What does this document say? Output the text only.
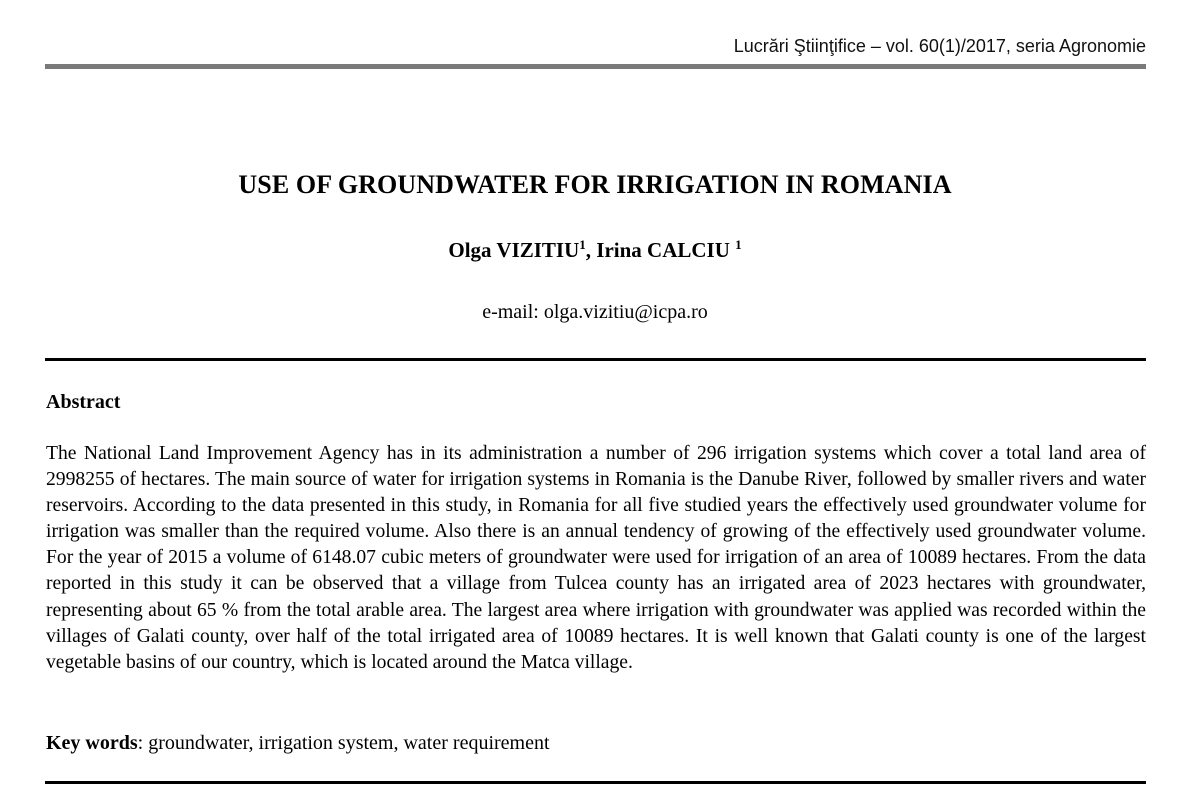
Lucrări Ştiinţifice – vol. 60(1)/2017, seria Agronomie
USE OF GROUNDWATER FOR IRRIGATION IN ROMANIA
Olga VIZITIU$^1$, Irina CALCIU $^1$
e-mail: olga.vizitiu@icpa.ro
Abstract

The National Land Improvement Agency has in its administration a number of 296 irrigation systems which cover a total land area of 2998255 of hectares. The main source of water for irrigation systems in Romania is the Danube River, followed by smaller rivers and water reservoirs. According to the data presented in this study, in Romania for all five studied years the effectively used groundwater volume for irrigation was smaller than the required volume. Also there is an annual tendency of growing of the effectively used groundwater volume. For the year of 2015 a volume of 6148.07 cubic meters of groundwater were used for irrigation of an area of 10089 hectares. From the data reported in this study it can be observed that a village from Tulcea county has an irrigated area of 2023 hectares with groundwater, representing about 65 % from the total arable area. The largest area where irrigation with groundwater was applied was recorded within the villages of Galati county, over half of the total irrigated area of 10089 hectares. It is well known that Galati county is one of the largest vegetable basins of our country, which is located around the Matca village.

Key words: groundwater, irrigation system, water requirement
